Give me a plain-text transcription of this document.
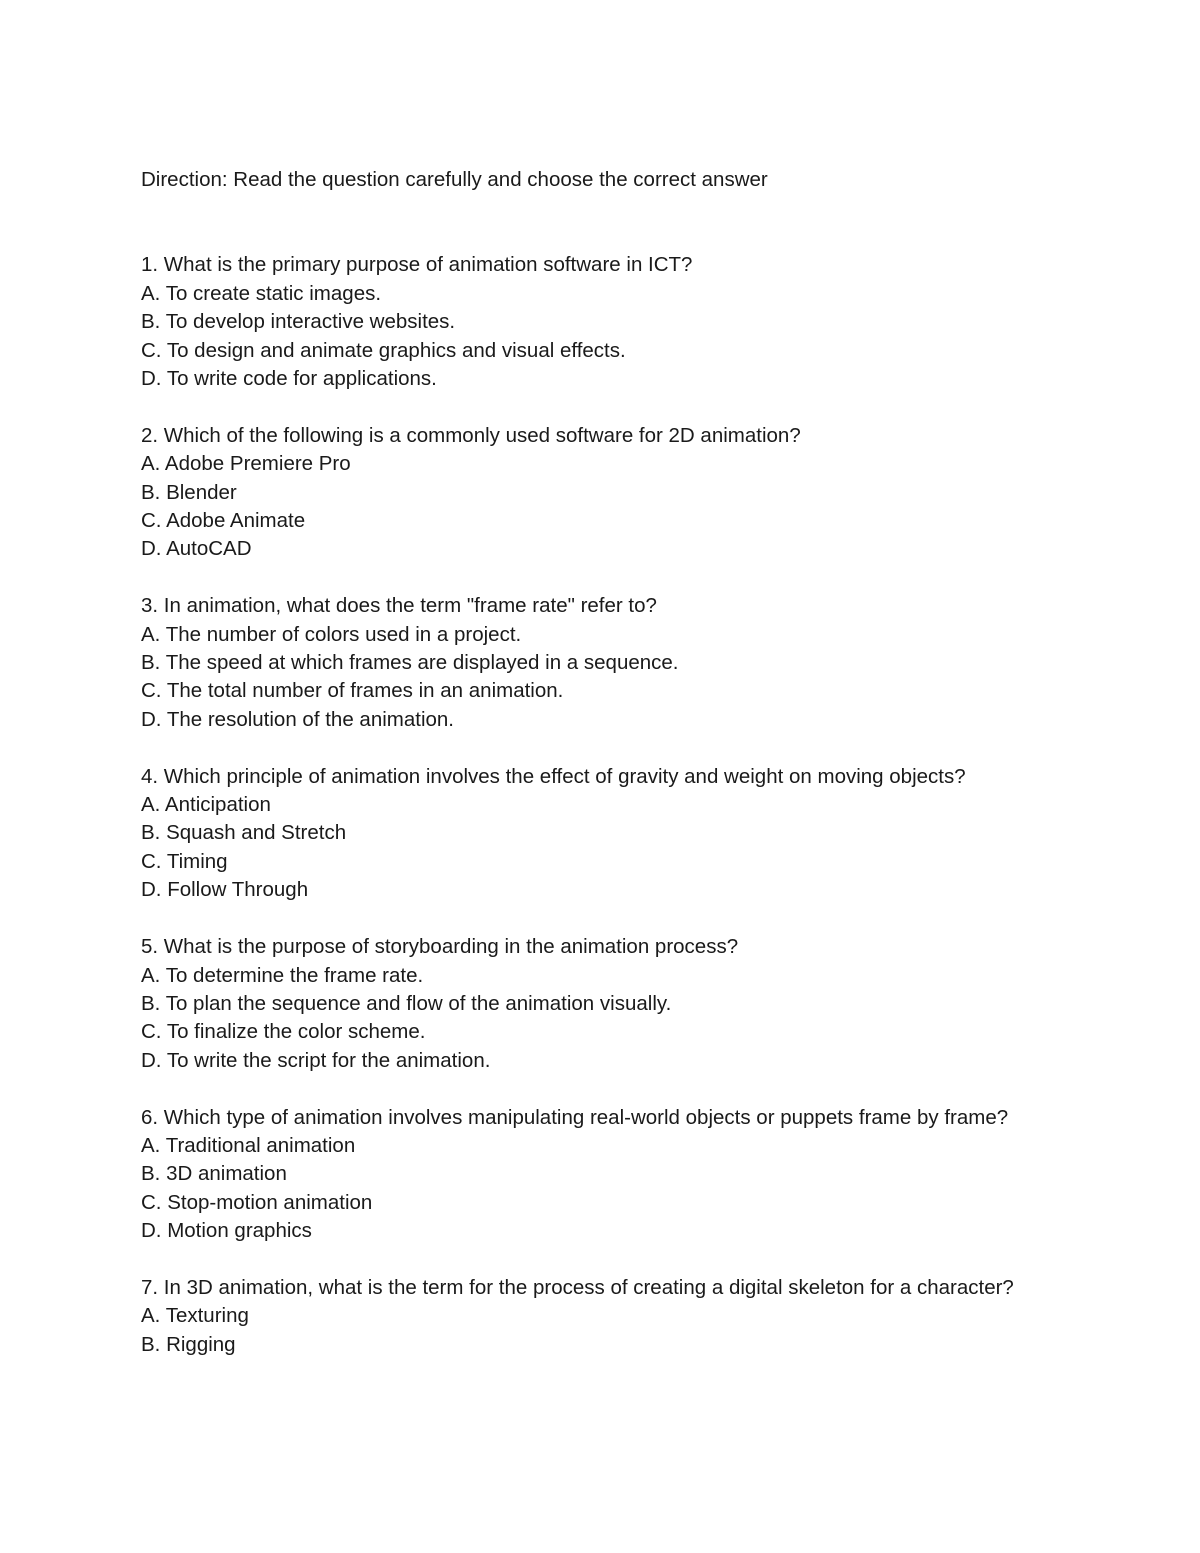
Direction: Read the question carefully and choose the correct answer
1. What is the primary purpose of animation software in ICT?
A. To create static images.
B. To develop interactive websites.
C. To design and animate graphics and visual effects.
D. To write code for applications.
2. Which of the following is a commonly used software for 2D animation?
A. Adobe Premiere Pro
B. Blender
C. Adobe Animate
D. AutoCAD
3. In animation, what does the term "frame rate" refer to?
A. The number of colors used in a project.
B. The speed at which frames are displayed in a sequence.
C. The total number of frames in an animation.
D. The resolution of the animation.
4. Which principle of animation involves the effect of gravity and weight on moving objects?
A. Anticipation
B. Squash and Stretch
C. Timing
D. Follow Through
5. What is the purpose of storyboarding in the animation process?
A. To determine the frame rate.
B. To plan the sequence and flow of the animation visually.
C. To finalize the color scheme.
D. To write the script for the animation.
6. Which type of animation involves manipulating real-world objects or puppets frame by frame?
A. Traditional animation
B. 3D animation
C. Stop-motion animation
D. Motion graphics
7. In 3D animation, what is the term for the process of creating a digital skeleton for a character?
A. Texturing
B. Rigging
